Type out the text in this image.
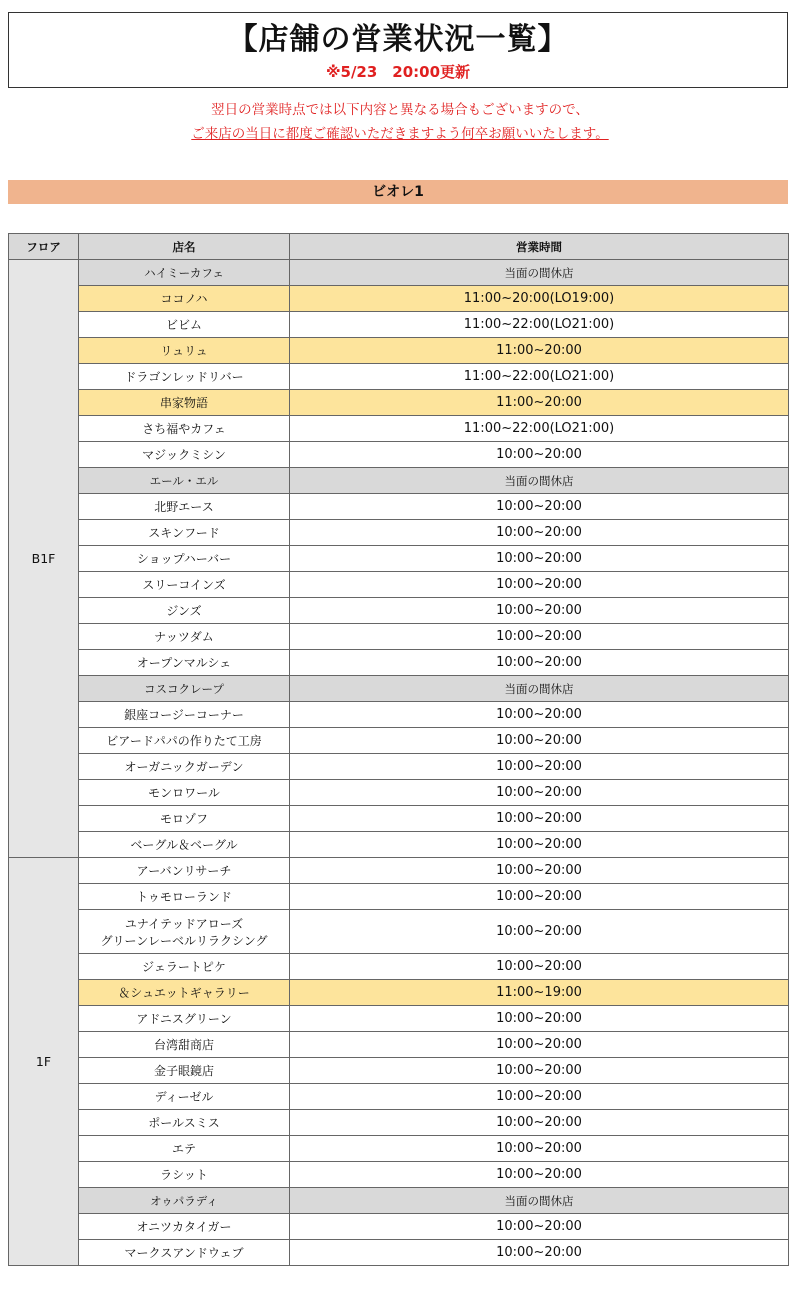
【店舗の営業状況一覧】
※5/23　20:00更新
翌日の営業時点では以下内容と異なる場合もございますので、
ご来店の当日に都度ご確認いただきますよう何卒お願いいたします。
ビオレ1
フロア	店名	営業時間
B1F	ハイミーカフェ	当面の間休店
	ココノハ	11:00~20:00(LO19:00)
	ビビム	11:00~22:00(LO21:00)
	リュリュ	11:00~20:00
	ドラゴンレッドリバー	11:00~22:00(LO21:00)
	串家物語	11:00~20:00
	さち福やカフェ	11:00~22:00(LO21:00)
	マジックミシン	10:00~20:00
	エール・エル	当面の間休店
	北野エース	10:00~20:00
	スキンフード	10:00~20:00
	ショップハーバー	10:00~20:00
	スリーコインズ	10:00~20:00
	ジンズ	10:00~20:00
	ナッツダム	10:00~20:00
	オープンマルシェ	10:00~20:00
	コスコクレープ	当面の間休店
	銀座コージーコーナー	10:00~20:00
	ビアードパパの作りたて工房	10:00~20:00
	オーガニックガーデン	10:00~20:00
	モンロワール	10:00~20:00
	モロゾフ	10:00~20:00
	ベーグル＆ベーグル	10:00~20:00
1F	アーバンリサーチ	10:00~20:00
	トゥモローランド	10:00~20:00

	ユナイテッドアローズ
グリーンレーベルリラクシング	10:00~20:00
	ジェラートピケ	10:00~20:00
	＆シュエットギャラリー	11:00~19:00
	アドニスグリーン	10:00~20:00
	台湾甜商店	10:00~20:00
	金子眼鏡店	10:00~20:00
	ディーゼル	10:00~20:00
	ポールスミス	10:00~20:00
	エテ	10:00~20:00
	ラシット	10:00~20:00
	オゥパラディ	当面の間休店
	オニツカタイガー	10:00~20:00
	マークスアンドウェブ	10:00~20:00
